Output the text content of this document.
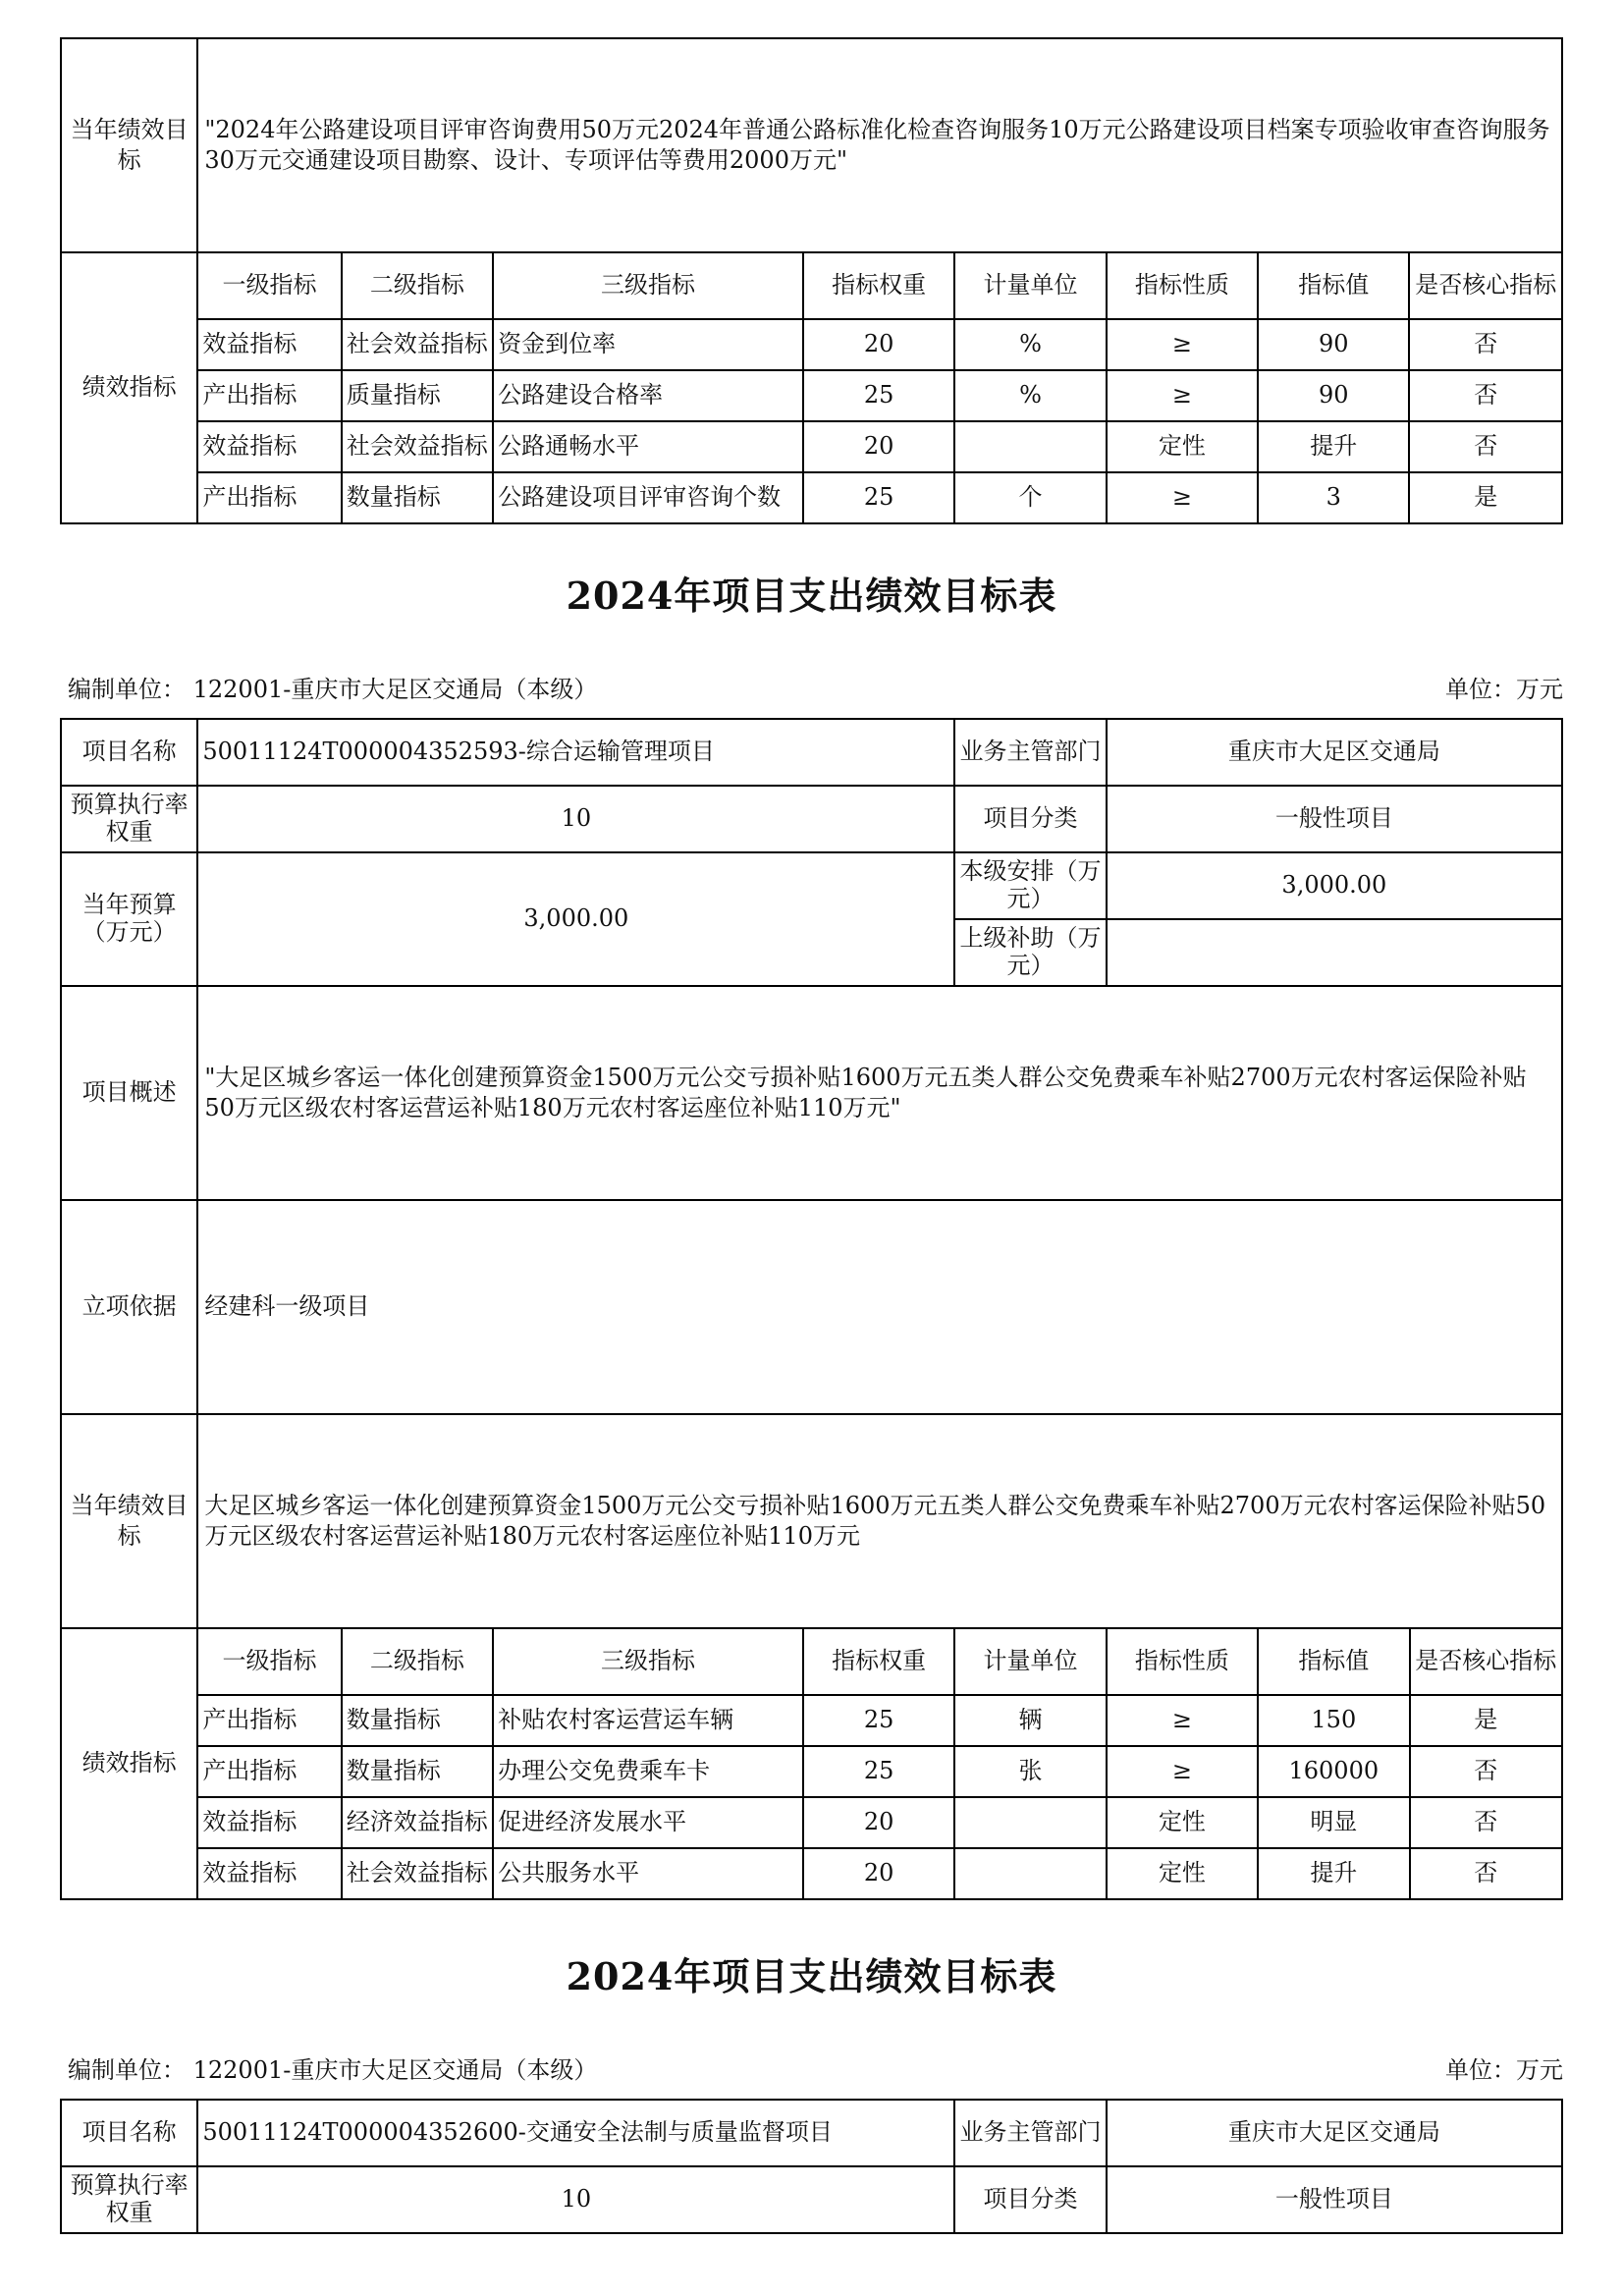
当年绩效目标	"2024年公路建设项目评审咨询费用50万元2024年普通公路标准化检查咨询服务10万元公路建设项目档案专项验收审查咨询服务30万元交通建设项目勘察、设计、专项评估等费用2000万元"							
绩效指标	一级指标	二级指标	三级指标	指标权重	计量单位	指标性质	指标值	是否核心指标
	效益指标	社会效益指标	资金到位率	20	%	≥	90	否
	产出指标	质量指标	公路建设合格率	25	%	≥	90	否
	效益指标	社会效益指标	公路通畅水平	20		定性	提升	否
	产出指标	数量指标	公路建设项目评审咨询个数	25	个	≥	3	是
2024年项目支出绩效目标表
编制单位： 122001-重庆市大足区交通局（本级）	单位：万元
项目名称	50011124T000004352593-综合运输管理项目				业务主管部门	重庆市大足区交通局		
预算执行率权重	10				项目分类	一般性项目		
当年预算（万元）	3,000.00				本级安排（万元）	3,000.00		
					上级补助（万元）			
项目概述	"大足区城乡客运一体化创建预算资金1500万元公交亏损补贴1600万元五类人群公交免费乘车补贴2700万元农村客运保险补贴50万元区级农村客运营运补贴180万元农村客运座位补贴110万元"							
立项依据	经建科一级项目							
当年绩效目标	大足区城乡客运一体化创建预算资金1500万元公交亏损补贴1600万元五类人群公交免费乘车补贴2700万元农村客运保险补贴50万元区级农村客运营运补贴180万元农村客运座位补贴110万元							
绩效指标	一级指标	二级指标	三级指标	指标权重	计量单位	指标性质	指标值	是否核心指标
	产出指标	数量指标	补贴农村客运营运车辆	25	辆	≥	150	是
	产出指标	数量指标	办理公交免费乘车卡	25	张	≥	160000	否
	效益指标	经济效益指标	促进经济发展水平	20		定性	明显	否
	效益指标	社会效益指标	公共服务水平	20		定性	提升	否
2024年项目支出绩效目标表
编制单位： 122001-重庆市大足区交通局（本级）	单位：万元
项目名称	50011124T000004352600-交通安全法制与质量监督项目	业务主管部门	重庆市大足区交通局
预算执行率权重	10	项目分类	一般性项目
